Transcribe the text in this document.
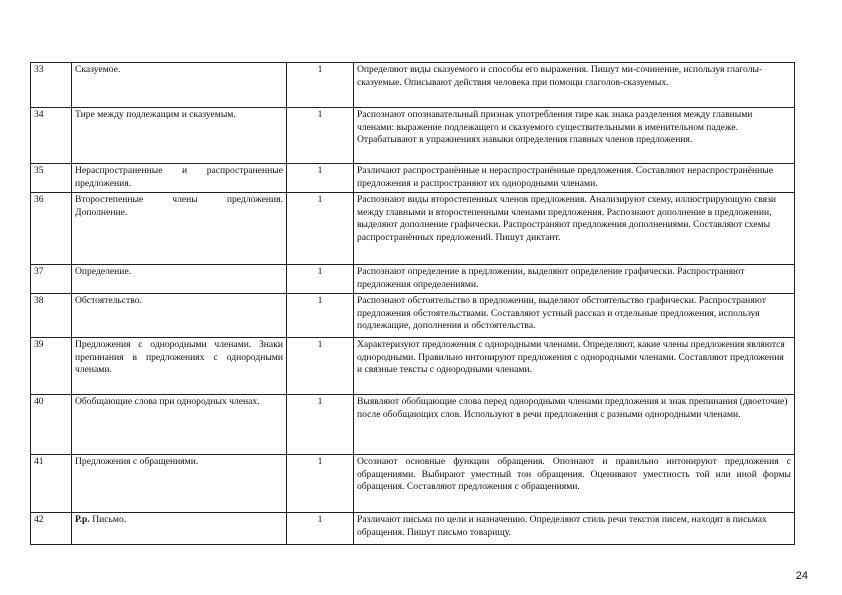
33	Сказуемое.	1	Определяют виды сказуемого и способы его выражения. Пишут ми-сочинение, используя глаголы-сказуемые. Описывают действия человека при помощи глаголов-сказуемых.
34	Тире между подлежащим и сказуемым.	1	Распознают опознавательный признак употребления тире как знака разделения между главными членами: выражение подлежащего и сказуемого существительными в именительном падеже. Отрабатывают в упражнениях навыки определения главных членов предложения.
35	Нераспространенные и распространенные предложения.	1	Различают распространённые и нераспространённые предложения. Составляют нераспространённые предложения и распространяют их однородными членами.
36	Второстепенные члены предложения. Дополнение.	1	Распознают виды второстепенных членов предложения. Анализируют схему, иллюстрирующую связи между главными и второстепенными членами предложения. Распознают дополнение в предложении, выделяют дополнение графически. Распространяют предложения дополнениями. Составляют схемы распространённых предложений. Пишут диктант.
37	Определение.	1	Распознают определение в предложении, выделяют определение графически. Распространяют предложения определениями.
38	Обстоятельство.	1	Распознают обстоятельство в предложении, выделяют обстоятельство графически. Распространяют предложения обстоятельствами. Составляют устный рассказ и отдельные предложения, используя подлежащие, дополнения и обстоятельства.
39	Предложения с однородными членами. Знаки препинания в предложениях с однородными членами.	1	Характеризуют предложения с однородными членами. Определяют, какие члены предложения являются однородными. Правильно интонируют предложения с однородными членами. Составляют предложения и связные тексты с однородными членами.
40	Обобщающие слова при однородных членах.	1	Выявляют обобщающие слова перед однородными членами предложения и знак препинания (двоеточие) после обобщающих слов. Используют в речи предложения с разными однородными членами.
41	Предложения с обращениями.	1	Осознают основные функции обращения. Опознают и правильно интонируют предложения с обращениями. Выбирают уместный тон обращения. Оценивают уместность той или иной формы обращения. Составляют предложения с обращениями.
42	Р.р. Письмо.	1	Различают письма по цели и назначению. Определяют стиль речи текстов писем, находят в письмах обращения. Пишут письмо товарищу.
24
